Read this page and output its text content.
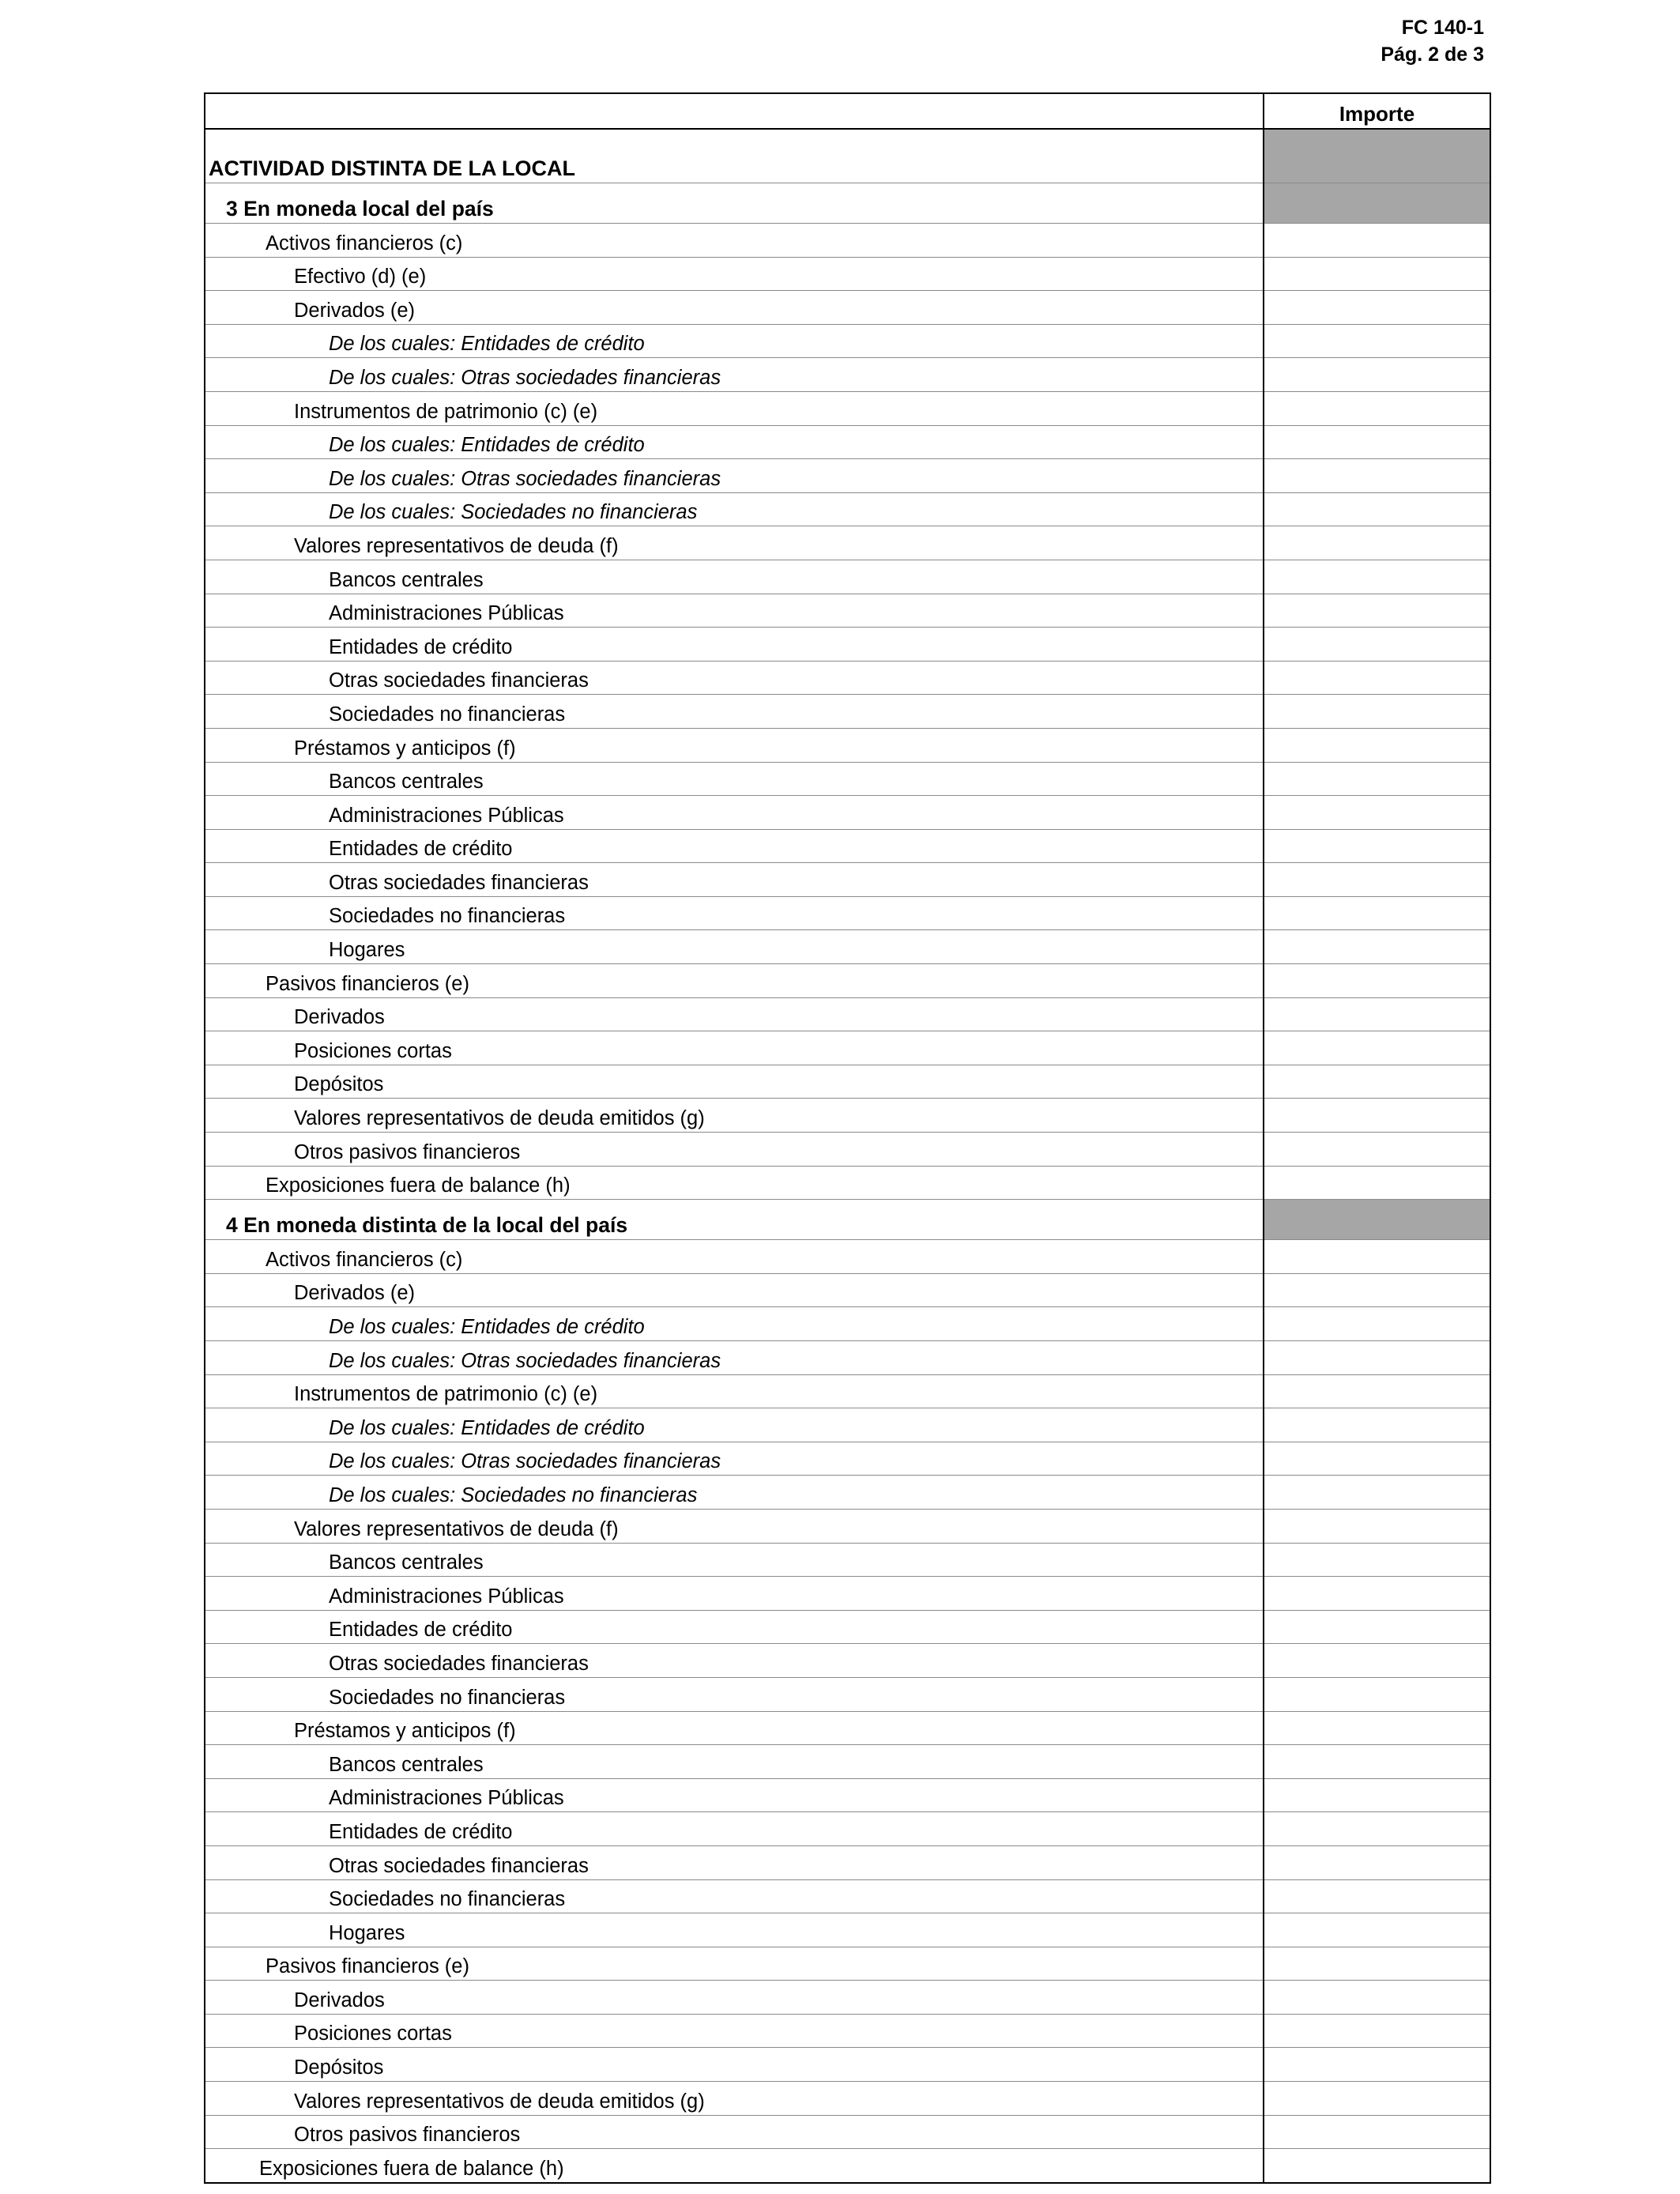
FC 140-1
Pág. 2 de 3
	Importe
ACTIVIDAD DISTINTA DE LA LOCAL	
3 En moneda local del país	
Activos financieros (c)	
Efectivo (d) (e)	
Derivados (e)	
De los cuales: Entidades de crédito	
De los cuales: Otras sociedades financieras	
Instrumentos de patrimonio (c) (e)	
De los cuales: Entidades de crédito	
De los cuales: Otras sociedades financieras	
De los cuales: Sociedades no financieras	
Valores representativos de deuda (f)	
Bancos centrales	
Administraciones Públicas	
Entidades de crédito	
Otras sociedades financieras	
Sociedades no financieras	
Préstamos y anticipos (f)	
Bancos centrales	
Administraciones Públicas	
Entidades de crédito	
Otras sociedades financieras	
Sociedades no financieras	
Hogares	
Pasivos financieros (e)	
Derivados	
Posiciones cortas	
Depósitos	
Valores representativos de deuda emitidos (g)	
Otros pasivos financieros	
Exposiciones fuera de balance (h)	
4 En moneda distinta de la local del país	
Activos financieros (c)	
Derivados (e)	
De los cuales: Entidades de crédito	
De los cuales: Otras sociedades financieras	
Instrumentos de patrimonio (c) (e)	
De los cuales: Entidades de crédito	
De los cuales: Otras sociedades financieras	
De los cuales: Sociedades no financieras	
Valores representativos de deuda (f)	
Bancos centrales	
Administraciones Públicas	
Entidades de crédito	
Otras sociedades financieras	
Sociedades no financieras	
Préstamos y anticipos (f)	
Bancos centrales	
Administraciones Públicas	
Entidades de crédito	
Otras sociedades financieras	
Sociedades no financieras	
Hogares	
Pasivos financieros (e)	
Derivados	
Posiciones cortas	
Depósitos	
Valores representativos de deuda emitidos (g)	
Otros pasivos financieros	
Exposiciones fuera de balance (h)	
